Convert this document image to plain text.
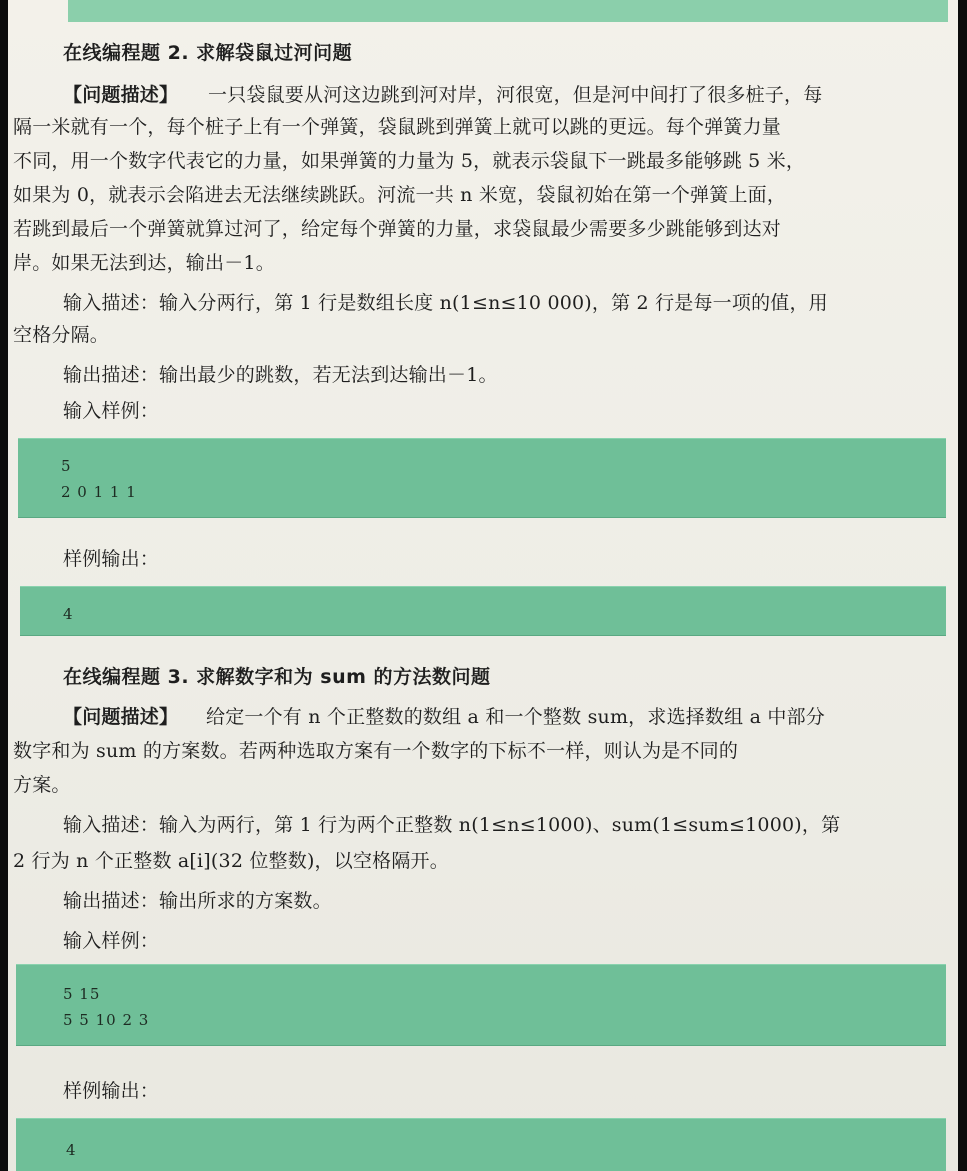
在线编程题 2. 求解袋鼠过河问题
【问题描述】 一只袋鼠要从河这边跳到河对岸，河很宽，但是河中间打了很多桩子，每
隔一米就有一个，每个桩子上有一个弹簧，袋鼠跳到弹簧上就可以跳的更远。每个弹簧力量
不同，用一个数字代表它的力量，如果弹簧的力量为 5，就表示袋鼠下一跳最多能够跳 5 米，
如果为 0，就表示会陷进去无法继续跳跃。河流一共 n 米宽，袋鼠初始在第一个弹簧上面，
若跳到最后一个弹簧就算过河了，给定每个弹簧的力量，求袋鼠最少需要多少跳能够到达对
岸。如果无法到达，输出－1。
输入描述：输入分两行，第 1 行是数组长度 n(1≤n≤10 000)，第 2 行是每一项的值，用
空格分隔。
输出描述：输出最少的跳数，若无法到达输出－1。
输入样例：
5
2 0 1 1 1
样例输出：
4
在线编程题 3. 求解数字和为 sum 的方法数问题
【问题描述】 给定一个有 n 个正整数的数组 a 和一个整数 sum，求选择数组 a 中部分
数字和为 sum 的方案数。若两种选取方案有一个数字的下标不一样，则认为是不同的
方案。
输入描述：输入为两行，第 1 行为两个正整数 n(1≤n≤1000)、sum(1≤sum≤1000)，第
2 行为 n 个正整数 a[i](32 位整数)，以空格隔开。
输出描述：输出所求的方案数。
输入样例：
5 15
5 5 10 2 3
样例输出：
4
